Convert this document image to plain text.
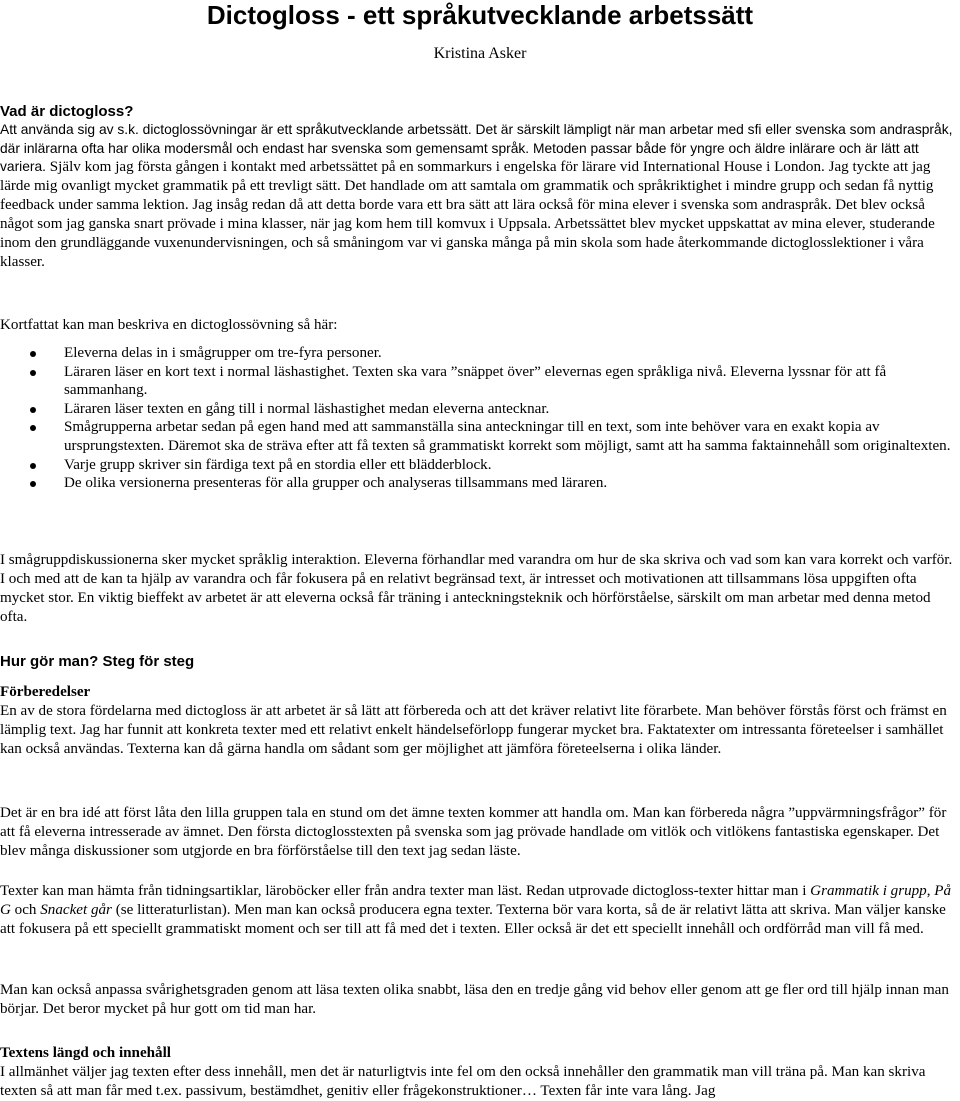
Dictogloss - ett språkutvecklande arbetssätt
Kristina Asker
Vad är dictogloss?

Att använda sig av s.k. dictoglossövningar är ett språkutvecklande arbetssätt. Det är särskilt lämpligt när man arbetar med sfi eller svenska som andraspråk, där inlärarna ofta har olika modersmål och endast har svenska som gemensamt språk. Metoden passar både för yngre och äldre inlärare och är lätt att variera. Själv kom jag första gången i kontakt med arbetssättet på en sommarkurs i engelska för lärare vid International House i London. Jag tyckte att jag lärde mig ovanligt mycket grammatik på ett trevligt sätt. Det handlade om att samtala om grammatik och språkriktighet i mindre grupp och sedan få nyttig feedback under samma lektion. Jag insåg redan då att detta borde vara ett bra sätt att lära också för mina elever i svenska som andraspråk. Det blev också något som jag ganska snart prövade i mina klasser, när jag kom hem till komvux i Uppsala. Arbetssättet blev mycket uppskattat av mina elever, studerande inom den grundläggande vuxenundervisningen, och så småningom var vi ganska många på min skola som hade återkommande dictoglosslektioner i våra klasser.

Kortfattat kan man beskriva en dictoglossövning så här:
Eleverna delas in i smågrupper om tre-fyra personer.
Läraren läser en kort text i normal läshastighet. Texten ska vara ”snäppet över” elevernas egen språkliga nivå. Eleverna lyssnar för att få sammanhang.
Läraren läser texten en gång till i normal läshastighet medan eleverna antecknar.
Smågrupperna arbetar sedan på egen hand med att sammanställa sina anteckningar till en text, som inte behöver vara en exakt kopia av ursprungstexten. Däremot ska de sträva efter att få texten så grammatiskt korrekt som möjligt, samt att ha samma faktainnehåll som originaltexten.
Varje grupp skriver sin färdiga text på en stordia eller ett blädderblock.
De olika versionerna presenteras för alla grupper och analyseras tillsammans med läraren.

I smågruppdiskussionerna sker mycket språklig interaktion. Eleverna förhandlar med varandra om hur de ska skriva och vad som kan vara korrekt och varför. I och med att de kan ta hjälp av varandra och får fokusera på en relativt begränsad text, är intresset och motivationen att tillsammans lösa uppgiften ofta mycket stor. En viktig bieffekt av arbetet är att eleverna också får träning i anteckningsteknik och hörförståelse, särskilt om man arbetar med denna metod ofta.

Hur gör man? Steg för steg
Förberedelser

En av de stora fördelarna med dictogloss är att arbetet är så lätt att förbereda och att det kräver relativt lite förarbete. Man behöver förstås först och främst en lämplig text. Jag har funnit att konkreta texter med ett relativt enkelt händelseförlopp fungerar mycket bra. Faktatexter om intressanta företeelser i samhället kan också användas. Texterna kan då gärna handla om sådant som ger möjlighet att jämföra företeelserna i olika länder.

Det är en bra idé att först låta den lilla gruppen tala en stund om det ämne texten kommer att handla om. Man kan förbereda några ”uppvärmningsfrågor” för att få eleverna intresserade av ämnet. Den första dictoglosstexten på svenska som jag prövade handlade om vitlök och vitlökens fantastiska egenskaper. Det blev många diskussioner som utgjorde en bra förförståelse till den text jag sedan läste.

Texter kan man hämta från tidningsartiklar, läroböcker eller från andra texter man läst. Redan utprovade dictogloss-texter hittar man i Grammatik i grupp, På G och Snacket går (se litteraturlistan). Men man kan också producera egna texter. Texterna bör vara korta, så de är relativt lätta att skriva. Man väljer kanske att fokusera på ett speciellt grammatiskt moment och ser till att få med det i texten. Eller också är det ett speciellt innehåll och ordförråd man vill få med.

Man kan också anpassa svårighetsgraden genom att läsa texten olika snabbt, läsa den en tredje gång vid behov eller genom att ge fler ord till hjälp innan man börjar. Det beror mycket på hur gott om tid man har.

Textens längd och innehåll

I allmänhet väljer jag texten efter dess innehåll, men det är naturligtvis inte fel om den också innehåller den grammatik man vill träna på. Man kan skriva texten så att man får med t.ex. passivum, bestämdhet, genitiv eller frågekonstruktioner… Texten får inte vara lång. Jag
